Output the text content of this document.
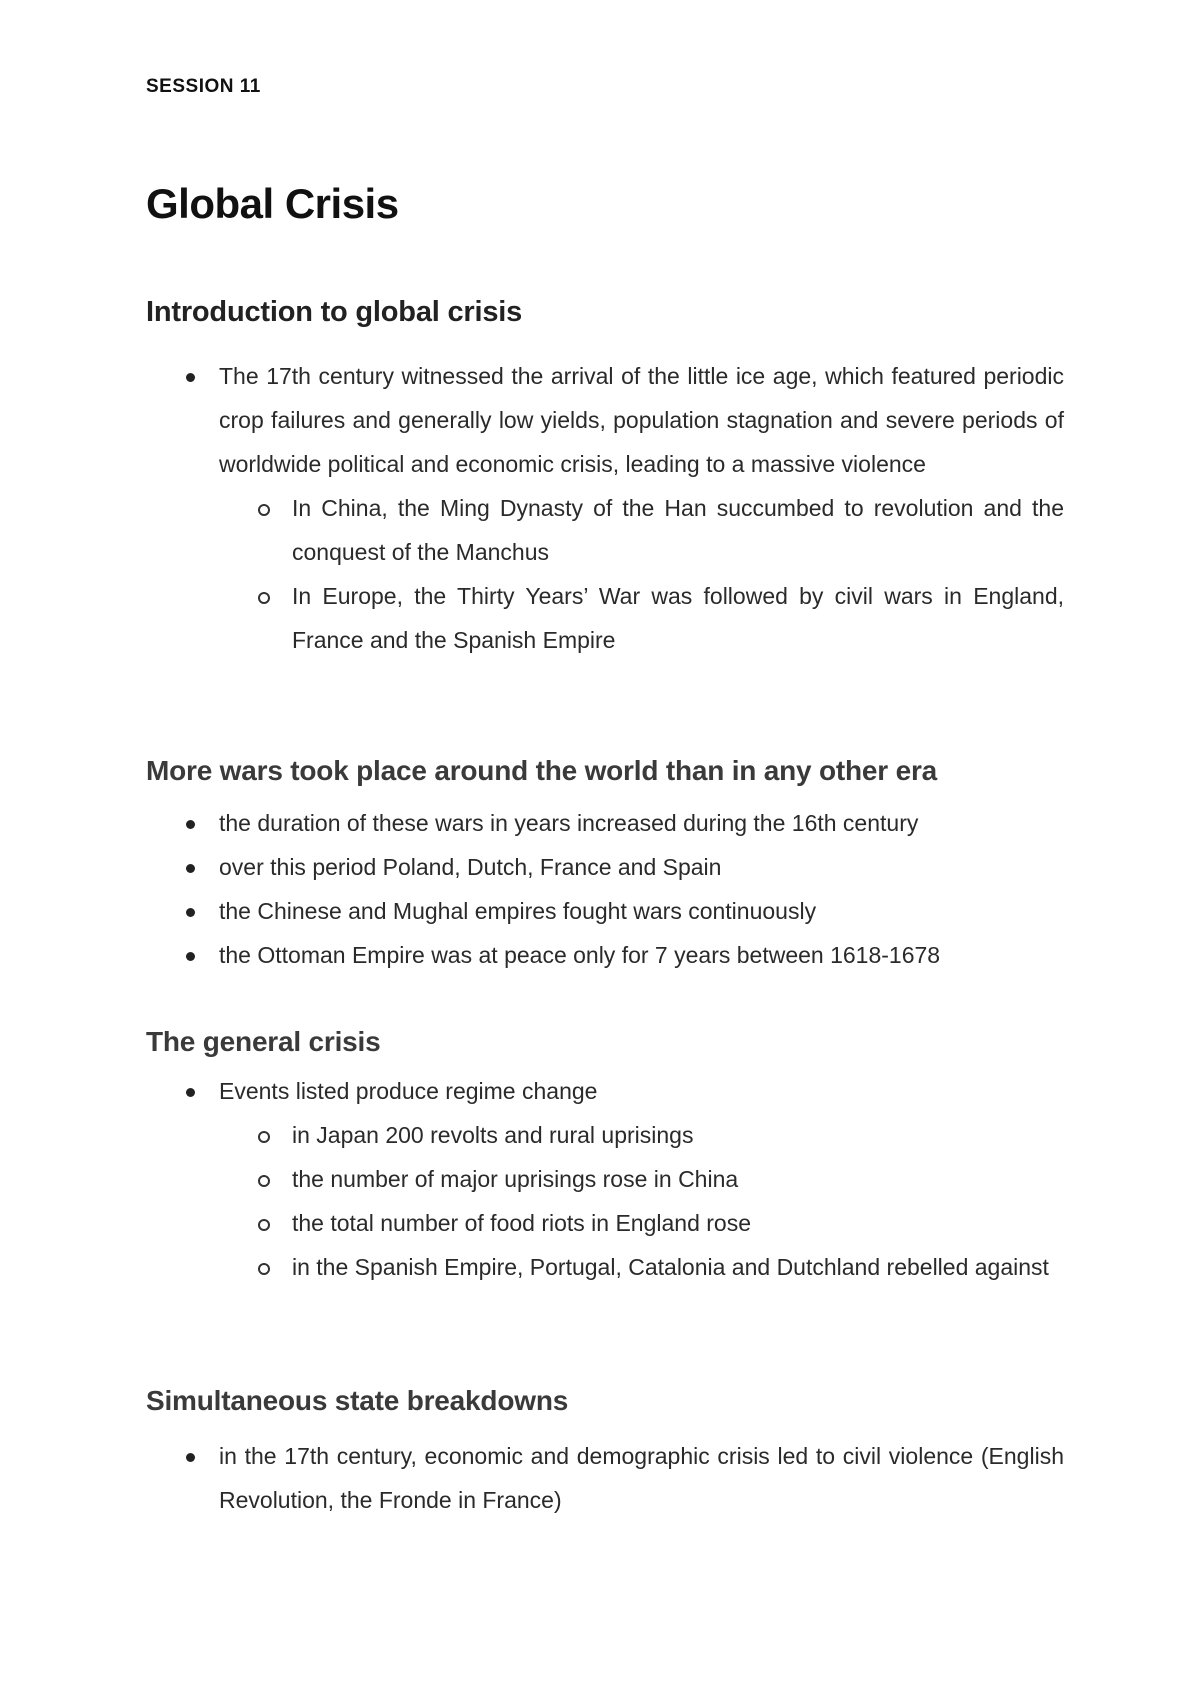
SESSION 11
Global Crisis
Introduction to global crisis
The 17th century witnessed the arrival of the little ice age, which featured periodic crop failures and generally low yields, population stagnation and severe periods of worldwide political and economic crisis, leading to a massive violence
In China, the Ming Dynasty of the Han succumbed to revolution and the conquest of the Manchus
In Europe, the Thirty Years’ War was followed by civil wars in England, France and the Spanish Empire
More wars took place around the world than in any other era
the duration of these wars in years increased during the 16th century
over this period Poland, Dutch, France and Spain
the Chinese and Mughal empires fought wars continuously
the Ottoman Empire was at peace only for 7 years between 1618-1678
The general crisis
Events listed produce regime change
in Japan 200 revolts and rural uprisings
the number of major uprisings rose in China
the total number of food riots in England rose
in the Spanish Empire, Portugal, Catalonia and Dutchland rebelled against
Simultaneous state breakdowns
in the 17th century, economic and demographic crisis led to civil violence (English Revolution, the Fronde in France)
